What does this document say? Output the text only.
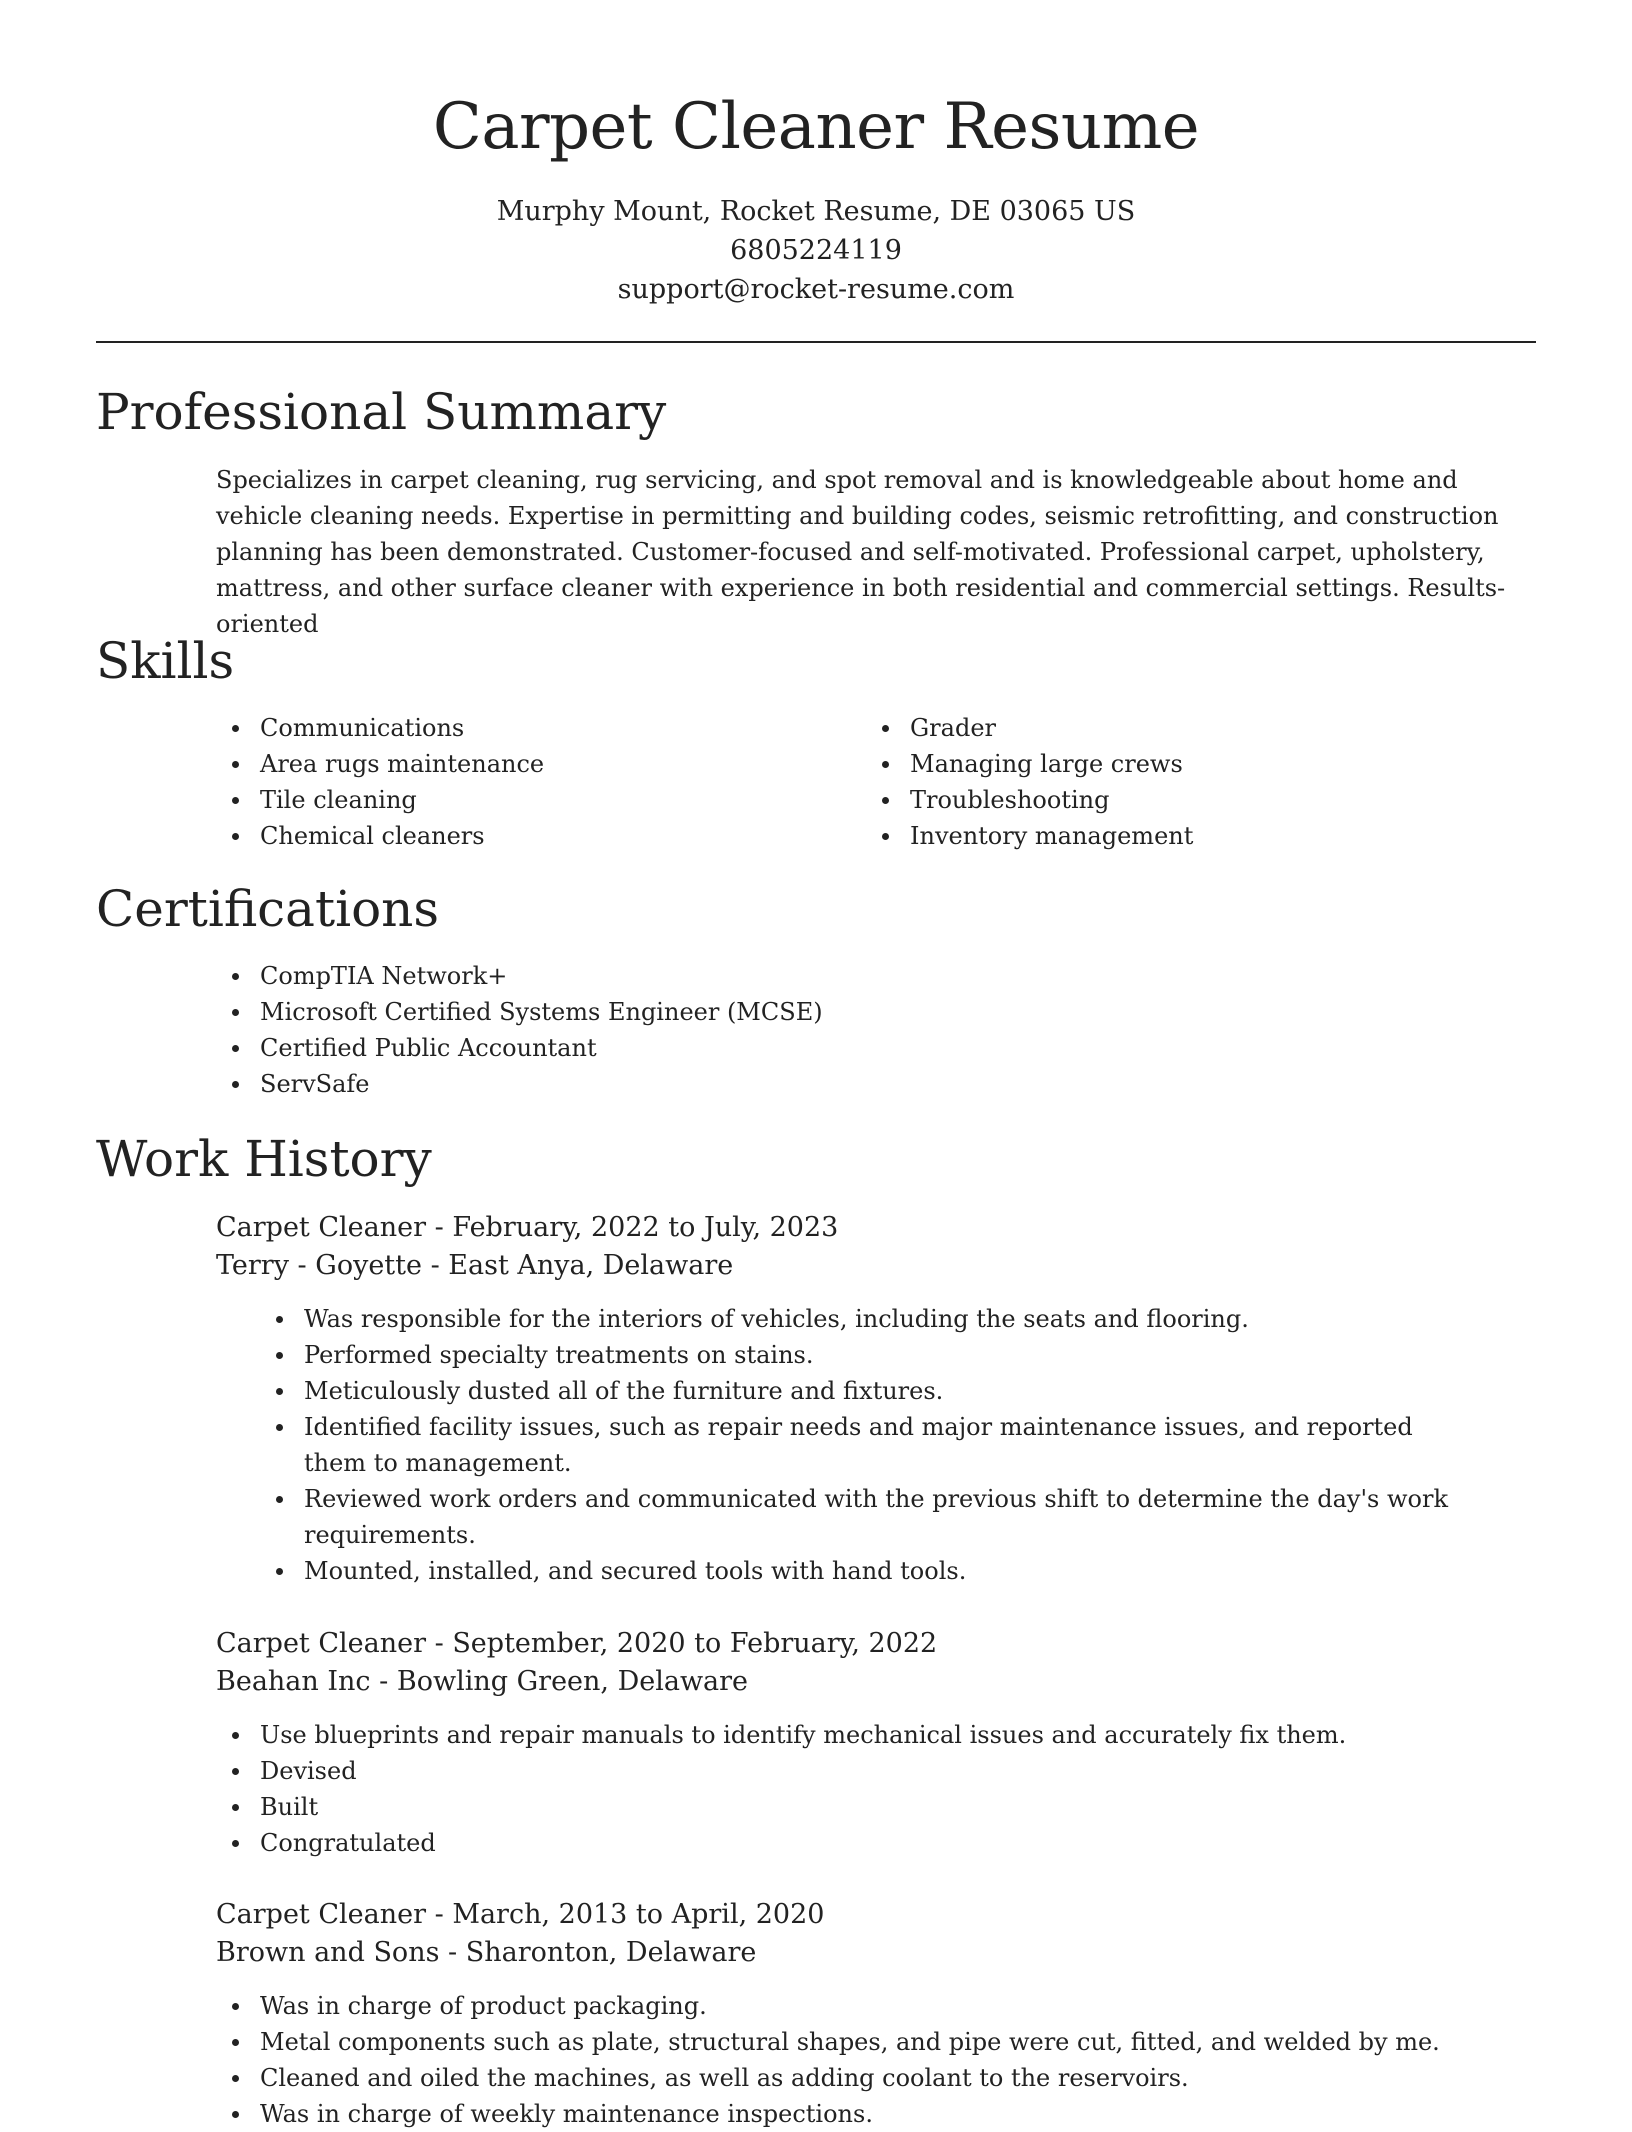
Carpet Cleaner Resume

Murphy Mount, Rocket Resume, DE 03065 US

6805224119

support@rocket-resume.com

Professional Summary

Specializes in carpet cleaning, rug servicing, and spot removal and is knowledgeable about home and vehicle cleaning needs. Expertise in permitting and building codes, seismic retrofitting, and construction planning has been demonstrated. Customer-focused and self-motivated. Professional carpet, upholstery, mattress, and other surface cleaner with experience in both residential and commercial settings. Results-oriented

Skills
Communications
Area rugs maintenance
Tile cleaning
Chemical cleaners
Grader
Managing large crews
Troubleshooting
Inventory management
Certifications
CompTIA Network+
Microsoft Certified Systems Engineer (MCSE)
Certified Public Accountant
ServSafe
Work History

Carpet Cleaner - February, 2022 to July, 2023

Terry - Goyette - East Anya, Delaware

Was responsible for the interiors of vehicles, including the seats and flooring.
Performed specialty treatments on stains.
Meticulously dusted all of the furniture and fixtures.
Identified facility issues, such as repair needs and major maintenance issues, and reported them to management.
Reviewed work orders and communicated with the previous shift to determine the day's work requirements.
Mounted, installed, and secured tools with hand tools.

Carpet Cleaner - September, 2020 to February, 2022

Beahan Inc - Bowling Green, Delaware

Use blueprints and repair manuals to identify mechanical issues and accurately fix them.
Devised
Built
Congratulated

Carpet Cleaner - March, 2013 to April, 2020

Brown and Sons - Sharonton, Delaware

Was in charge of product packaging.
Metal components such as plate, structural shapes, and pipe were cut, fitted, and welded by me.
Cleaned and oiled the machines, as well as adding coolant to the reservoirs.
Was in charge of weekly maintenance inspections.
